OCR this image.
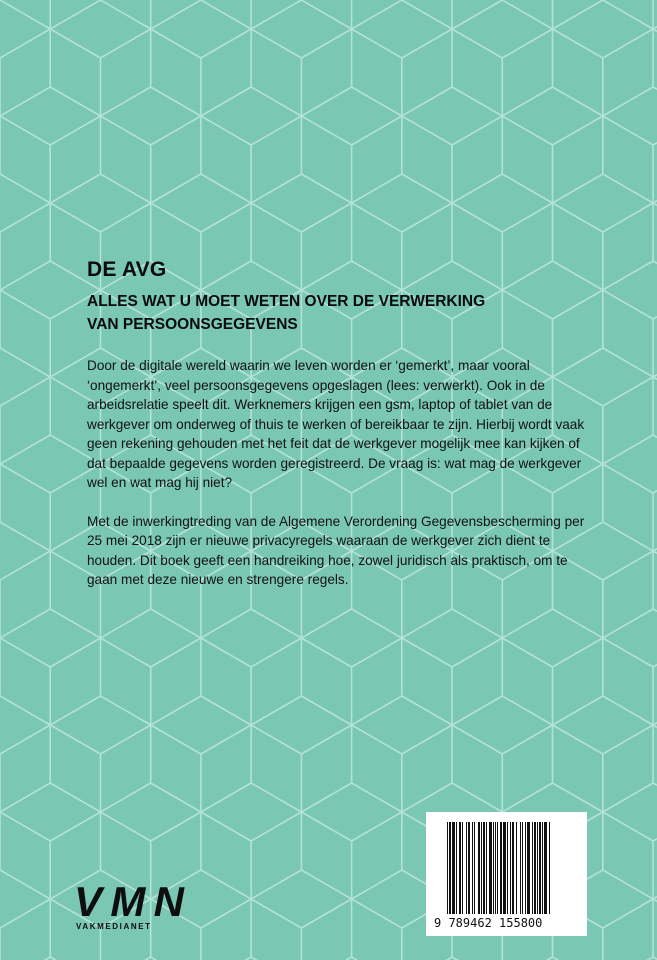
DE AVG
ALLES WAT U MOET WETEN OVER DE VERWERKING VAN PERSOONSGEGEVENS

Door de digitale wereld waarin we leven worden er ‘gemerkt’, maar vooral ‘ongemerkt’, veel persoonsgegevens opgeslagen (lees: verwerkt). Ook in de arbeidsrelatie speelt dit. Werknemers krijgen een gsm, laptop of tablet van de werkgever om onderweg of thuis te werken of bereikbaar te zijn. Hierbij wordt vaak geen rekening gehouden met het feit dat de werkgever mogelijk mee kan kijken of dat bepaalde gegevens worden geregistreerd. De vraag is: wat mag de werkgever wel en wat mag hij niet?

Met de inwerkingtreding van de Algemene Verordening Gegevensbescherming per 25 mei 2018 zijn er nieuwe privacyregels waaraan de werkgever zich dient te houden. Dit boek geeft een handreiking hoe, zowel juridisch als praktisch, om te gaan met deze nieuwe en strengere regels.

VMN
VAKMEDIANET	9 789462 155800
